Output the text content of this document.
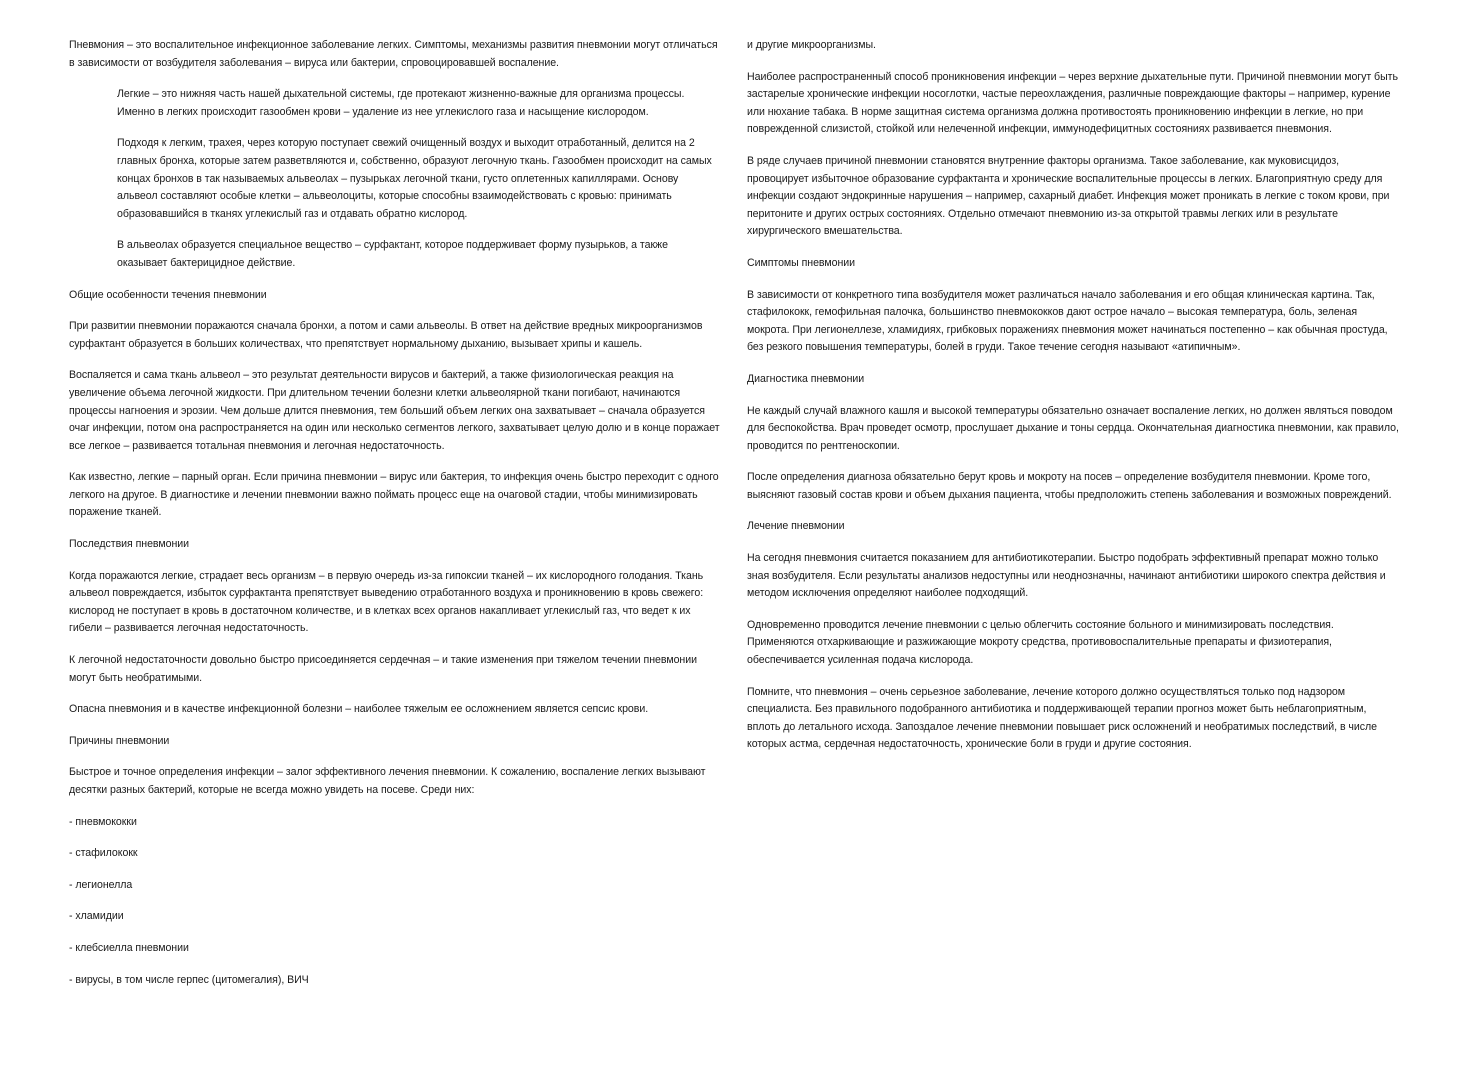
Пневмония – это воспалительное инфекционное заболевание легких. Симптомы, механизмы развития пневмонии могут отличаться в зависимости от возбудителя заболевания – вируса или бактерии, спровоцировавшей воспаление.

Легкие – это нижняя часть нашей дыхательной системы, где протекают жизненно-важные для организма процессы. Именно в легких происходит газообмен крови – удаление из нее углекислого газа и насыщение кислородом.

Подходя к легким, трахея, через которую поступает свежий очищенный воздух и выходит отработанный, делится на 2 главных бронха, которые затем разветвляются и, собственно, образуют легочную ткань. Газообмен происходит на самых концах бронхов в так называемых альвеолах – пузырьках легочной ткани, густо оплетенных капиллярами. Основу альвеол составляют особые клетки – альвеолоциты, которые способны взаимодействовать с кровью: принимать образовавшийся в тканях углекислый газ и отдавать обратно кислород.

В альвеолах образуется специальное вещество – сурфактант, которое поддерживает форму пузырьков, а также оказывает бактерицидное действие.

Общие особенности течения пневмонии

При развитии пневмонии поражаются сначала бронхи, а потом и сами альвеолы. В ответ на действие вредных микроорганизмов сурфактант образуется в больших количествах, что препятствует нормальному дыханию, вызывает хрипы и кашель.

Воспаляется и сама ткань альвеол – это результат деятельности вирусов и бактерий, а также физиологическая реакция на увеличение объема легочной жидкости. При длительном течении болезни клетки альвеолярной ткани погибают, начинаются процессы нагноения и эрозии. Чем дольше длится пневмония, тем больший объем легких она захватывает – сначала образуется очаг инфекции, потом она распространяется на один или несколько сегментов легкого, захватывает целую долю и в конце поражает все легкое – развивается тотальная пневмония и легочная недостаточность.

Как известно, легкие – парный орган. Если причина пневмонии – вирус или бактерия, то инфекция очень быстро переходит с одного легкого на другое. В диагностике и лечении пневмонии важно поймать процесс еще на очаговой стадии, чтобы минимизировать поражение тканей.

Последствия пневмонии

Когда поражаются легкие, страдает весь организм – в первую очередь из-за гипоксии тканей – их кислородного голодания. Ткань альвеол повреждается, избыток сурфактанта препятствует выведению отработанного воздуха и проникновению в кровь свежего: кислород не поступает в кровь в достаточном количестве, и в клетках всех органов накапливает углекислый газ, что ведет к их гибели – развивается легочная недостаточность.

К легочной недостаточности довольно быстро присоединяется сердечная – и такие изменения при тяжелом течении пневмонии могут быть необратимыми.

Опасна пневмония и в качестве инфекционной болезни – наиболее тяжелым ее осложнением является сепсис крови.

Причины пневмонии

Быстрое и точное определения инфекции – залог эффективного лечения пневмонии. К сожалению, воспаление легких вызывают десятки разных бактерий, которые не всегда можно увидеть на посеве. Среди них:

- пневмококки

- стафилококк

- легионелла

- хламидии

- клебсиелла пневмонии

- вирусы, в том числе герпес (цитомегалия), ВИЧ

и другие микроорганизмы.

Наиболее распространенный способ проникновения инфекции – через верхние дыхательные пути. Причиной пневмонии могут быть застарелые хронические инфекции носоглотки, частые переохлаждения, различные повреждающие факторы – например, курение или нюхание табака. В норме защитная система организма должна противостоять проникновению инфекции в легкие, но при поврежденной слизистой, стойкой или нелеченной инфекции, иммунодефицитных состояниях развивается пневмония.

В ряде случаев причиной пневмонии становятся внутренние факторы организма. Такое заболевание, как муковисцидоз, провоцирует избыточное образование сурфактанта и хронические воспалительные процессы в легких. Благоприятную среду для инфекции создают эндокринные нарушения – например, сахарный диабет. Инфекция может проникать в легкие с током крови, при перитоните и других острых состояниях. Отдельно отмечают пневмонию из-за открытой травмы легких или в результате хирургического вмешательства.

Симптомы пневмонии

В зависимости от конкретного типа возбудителя может различаться начало заболевания и его общая клиническая картина. Так, стафилококк, гемофильная палочка, большинство пневмококков дают острое начало – высокая температура, боль, зеленая мокрота. При легионеллезе, хламидиях, грибковых поражениях пневмония может начинаться постепенно – как обычная простуда, без резкого повышения температуры, болей в груди. Такое течение сегодня называют «атипичным».

Диагностика пневмонии

Не каждый случай влажного кашля и высокой температуры обязательно означает воспаление легких, но должен являться поводом для беспокойства. Врач проведет осмотр, прослушает дыхание и тоны сердца. Окончательная диагностика пневмонии, как правило, проводится по рентгеноскопии.

После определения диагноза обязательно берут кровь и мокроту на посев – определение возбудителя пневмонии. Кроме того, выясняют газовый состав крови и объем дыхания пациента, чтобы предположить степень заболевания и возможных повреждений.

Лечение пневмонии

На сегодня пневмония считается показанием для антибиотикотерапии. Быстро подобрать эффективный препарат можно только зная возбудителя. Если результаты анализов недоступны или неоднозначны, начинают антибиотики широкого спектра действия и методом исключения определяют наиболее подходящий.

Одновременно проводится лечение пневмонии с целью облегчить состояние больного и минимизировать последствия. Применяются отхаркивающие и разжижающие мокроту средства, противовоспалительные препараты и физиотерапия, обеспечивается усиленная подача кислорода.

Помните, что пневмония – очень серьезное заболевание, лечение которого должно осуществляться только под надзором специалиста. Без правильного подобранного антибиотика и поддерживающей терапии прогноз может быть неблагоприятным, вплоть до летального исхода. Запоздалое лечение пневмонии повышает риск осложнений и необратимых последствий, в числе которых астма, сердечная недостаточность, хронические боли в груди и другие состояния.
